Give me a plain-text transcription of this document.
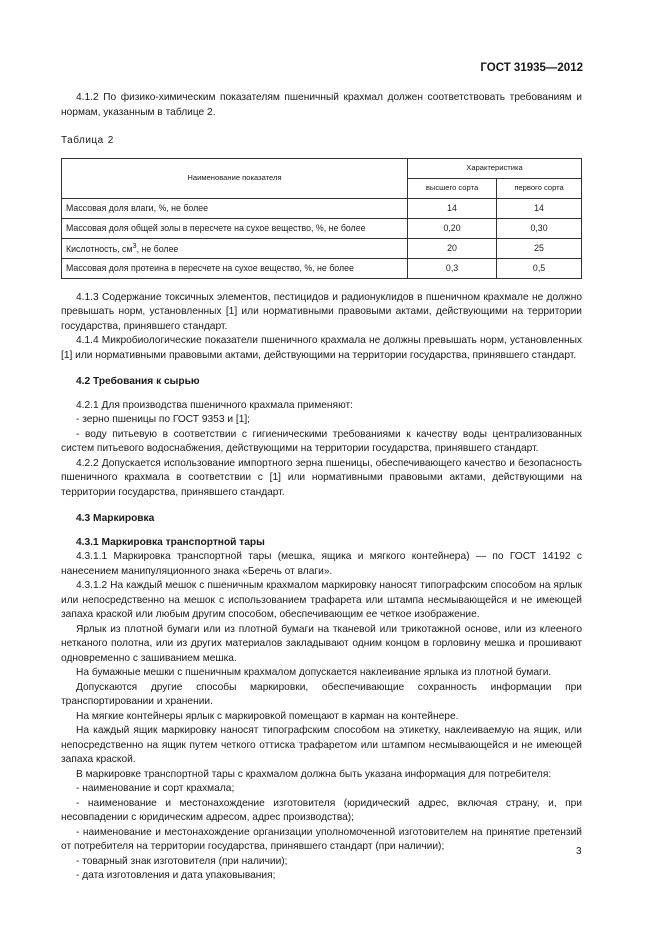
ГОСТ 31935—2012

4.1.2 По физико-химическим показателям пшеничный крахмал должен соответствовать требованиям и нормам, указанным в таблице 2.

Таблица 2
Наименование показателя	Характеристика	
	высшего сорта	первого сорта
Массовая доля влаги, %, не более	14	14
Массовая доля общей золы в пересчете на сухое вещество, %, не более	0,20	0,30
Кислотность, $см^3$, не более	20	25
Массовая доля протеина в пересчете на сухое вещество, %, не более	0,3	0,5

4.1.3 Содержание токсичных элементов, пестицидов и радионуклидов в пшеничном крахмале не должно превышать норм, установленных [1] или нормативными правовыми актами, действующими на территории государства, принявшего стандарт.

4.1.4 Микробиологические показатели пшеничного крахмала не должны превышать норм, установленных [1] или нормативными правовыми актами, действующими на территории государства, принявшего стандарт.

4.2 Требования к сырью

4.2.1 Для производства пшеничного крахмала применяют:

- зерно пшеницы по ГОСТ 9353 и [1];

- воду питьевую в соответствии с гигиеническими требованиями к качеству воды централизованных систем питьевого водоснабжения, действующими на территории государства, принявшего стандарт.

4.2.2 Допускается использование импортного зерна пшеницы, обеспечивающего качество и безопасность пшеничного крахмала в соответствии с [1] или нормативными правовыми актами, действующими на территории государства, принявшего стандарт.

4.3 Маркировка

4.3.1 Маркировка транспортной тары

4.3.1.1 Маркировка транспортной тары (мешка, ящика и мягкого контейнера) — по ГОСТ 14192 с нанесением манипуляционного знака «Беречь от влаги».

4.3.1.2 На каждый мешок с пшеничным крахмалом маркировку наносят типографским способом на ярлык или непосредственно на мешок с использованием трафарета или штампа несмывающейся и не имеющей запаха краской или любым другим способом, обеспечивающим ее четкое изображение.

Ярлык из плотной бумаги или из плотной бумаги на тканевой или трикотажной основе, или из клееного нетканого полотна, или из других материалов закладывают одним концом в горловину мешка и прошивают одновременно с зашиванием мешка.

На бумажные мешки с пшеничным крахмалом допускается наклеивание ярлыка из плотной бумаги.

Допускаются другие способы маркировки, обеспечивающие сохранность информации при транспортировании и хранении.

На мягкие контейнеры ярлык с маркировкой помещают в карман на контейнере.

На каждый ящик маркировку наносят типографским способом на этикетку, наклеиваемую на ящик, или непосредственно на ящик путем четкого оттиска трафаретом или штампом несмывающейся и не имеющей запаха краской.

В маркировке транспортной тары с крахмалом должна быть указана информация для потребителя:

- наименование и сорт крахмала;

- наименование и местонахождение изготовителя (юридический адрес, включая страну, и, при несовпадении с юридическим адресом, адрес производства);

- наименование и местонахождение организации уполномоченной изготовителем на принятие претензий от потребителя на территории государства, принявшего стандарт (при наличии);

- товарный знак изготовителя (при наличии);

- дата изготовления и дата упаковывания;

3
